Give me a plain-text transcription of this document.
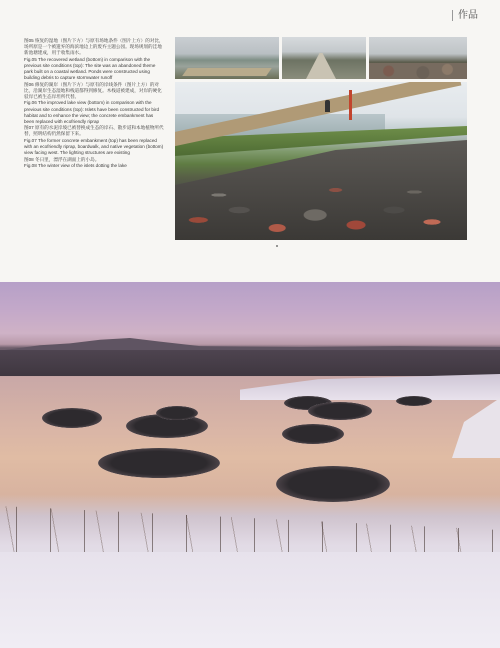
作品

图05 恢复的湿地（图片下方）与原有场地条件（图片上方）的对比，场所原是一个被遗弃的海滨地边上的废弃主题公园。现场规划的洼地新池塘建成，用于收集雨水。

Fig.05 The recovered wetland (bottom) in comparison with the previous site conditions (top): The site was an abandoned theme park built on a coastal wetland. Ponds were constructed using building debris to capture stormwater runoff

图06 修复的湖岸（图片下方）与原有的岸线条件（图片上方）的对比，沿湖岸生态湿地和栈道都得到修复。木栈道被建成，对岸的硬化驳岸已被生态岸坦所代替。

Fig.06 The improved lake view (bottom) in comparison with the previous site conditions (top): Islets have been constructed for bird habitat and to enhance the view; the concrete embankment has been replaced with ecofriendly riprap

图07 原有的水泥岸坡已被替换成生态的岸石、散步道和本地植物所代替，照明结构仍然保留下来。

Fig.07 The former concrete embankment (top) has been replaced with an ecofriendly riprap, boardwalk, and native vegetation (bottom) view facing west. The lighting structures are existing

图08 冬日里，漂浮在湖面上的小岛。

Fig.08 The winter view of the islets dotting the lake
